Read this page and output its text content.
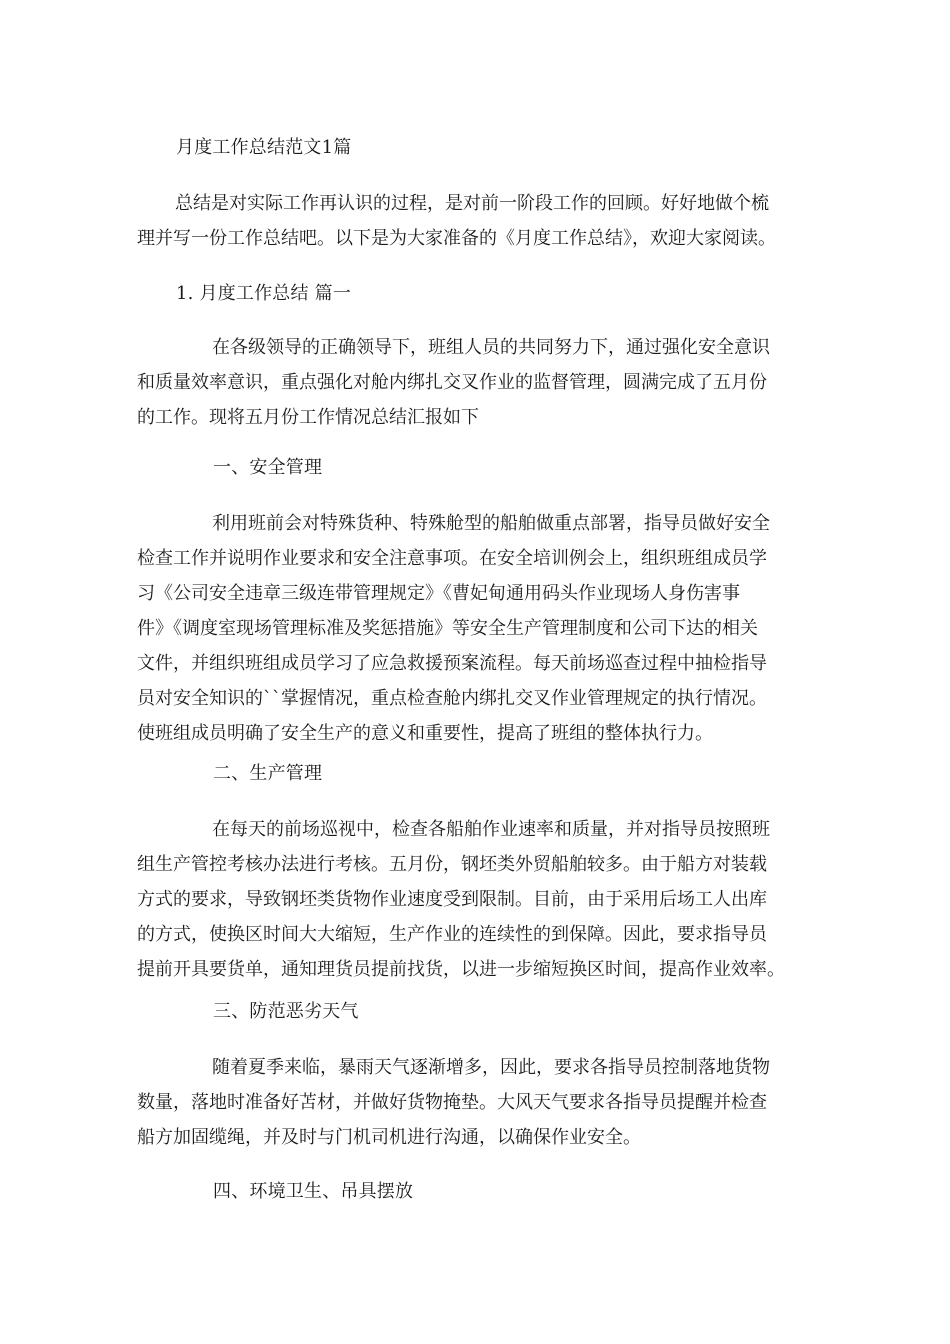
月度工作总结范文1篇
总结是对实际工作再认识的过程，是对前一阶段工作的回顾。好好地做个梳
理并写一份工作总结吧。以下是为大家准备的《月度工作总结》，欢迎大家阅读。
1. 月度工作总结 篇一
在各级领导的正确领导下，班组人员的共同努力下，通过强化安全意识
和质量效率意识，重点强化对舱内绑扎交叉作业的监督管理，圆满完成了五月份
的工作。现将五月份工作情况总结汇报如下
一、安全管理
利用班前会对特殊货种、特殊舱型的船舶做重点部署，指导员做好安全
检查工作并说明作业要求和安全注意事项。在安全培训例会上，组织班组成员学
习《公司安全违章三级连带管理规定》《曹妃甸通用码头作业现场人身伤害事
件》《调度室现场管理标准及奖惩措施》等安全生产管理制度和公司下达的相关
文件，并组织班组成员学习了应急救援预案流程。每天前场巡查过程中抽检指导
员对安全知识的``掌握情况，重点检查舱内绑扎交叉作业管理规定的执行情况。
使班组成员明确了安全生产的意义和重要性，提高了班组的整体执行力。
二、生产管理
在每天的前场巡视中，检查各船舶作业速率和质量，并对指导员按照班
组生产管控考核办法进行考核。五月份，钢坯类外贸船舶较多。由于船方对装载
方式的要求，导致钢坯类货物作业速度受到限制。目前，由于采用后场工人出库
的方式，使换区时间大大缩短，生产作业的连续性的到保障。因此，要求指导员
提前开具要货单，通知理货员提前找货，以进一步缩短换区时间，提高作业效率。
三、防范恶劣天气
随着夏季来临，暴雨天气逐渐增多，因此，要求各指导员控制落地货物
数量，落地时准备好苫材，并做好货物掩垫。大风天气要求各指导员提醒并检查
船方加固缆绳，并及时与门机司机进行沟通，以确保作业安全。
四、环境卫生、吊具摆放
